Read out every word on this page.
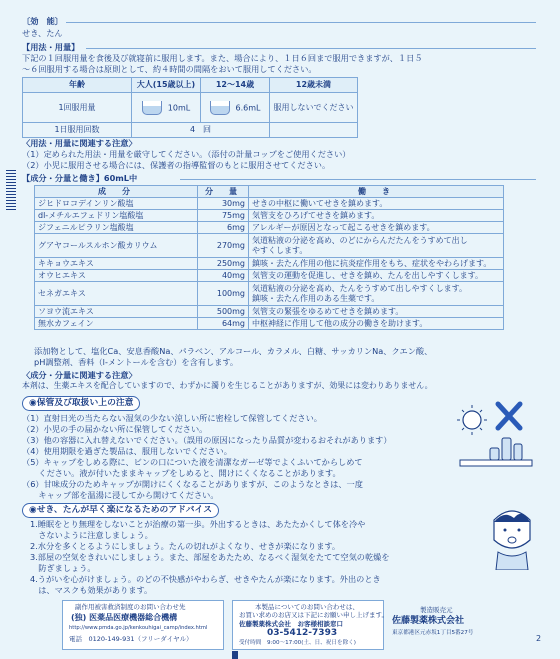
〔効　能〕
せき、たん
【用法・用量】
下記の１回服用量を食後及び就寝前に服用します。また、場合により、１日６回まで服用できますが、１日５
～６回服用する場合は原則として、約４時間の間隔をおいて服用してください。
年齢	大人(15歳以上)	12～14歳	12歳未満
1回服用量	10mL	6.6mL	服用しないでください
1日服用回数	4　回		
〈用法・用量に関連する注意〉
（1）定められた用法・用量を厳守してください。（添付の計量コップをご使用ください）
（2）小児に服用させる場合には、保護者の指導監督のもとに服用させてください。
【成分・分量と働き】60mL中
成　分	分　量	働　き
ジヒドロコデインリン酸塩	30mg	せきの中枢に働いてせきを鎮めます。
dl-メチルエフェドリン塩酸塩	75mg	気管支をひろげてせきを鎮めます。
ジフェニルピラリン塩酸塩	6mg	アレルギーが原因となって起こるせきを鎮めます。
グアヤコールスルホン酸カリウム	270mg	気道粘液の分泌を高め、のどにからんだたんをうすめて出し
やすくします。

キキョウエキス	250mg	鎮咳・去たん作用の他に抗炎症作用をもち、症状をやわらげます。
オウヒエキス	40mg	気管支の運動を促進し、せきを鎮め、たんを出しやすくします。
セネガエキス	100mg	気道粘液の分泌を高め、たんをうすめて出しやすくします。
鎮咳・去たん作用のある生薬です。

ソヨウ流エキス	500mg	気管支の緊張をゆるめてせきを鎮めます。
無水カフェイン	64mg	中枢神経に作用して他の成分の働きを助けます。
添加物として、塩化Ca、安息香酸Na、パラベン、アルコール、カラメル、白糖、サッカリンNa、クエン酸、
pH調整剤、香料（l-メントールを含む）を含有します。
〈成分・分量に関連する注意〉
本剤は、生薬エキスを配合していますので、わずかに濁りを生じることがありますが、効果には変わりありません。
◉保管及び取扱い上の注意
（1）直射日光の当たらない湿気の少ない涼しい所に密栓して保管してください。
（2）小児の手の届かない所に保管してください。
（3）他の容器に入れ替えないでください。（誤用の原因になったり品質が変わるおそれがあります）
（4）使用期限を過ぎた製品は、服用しないでください。
（5）キャップをしめる際に、ビンの口についた液を清潔なガーゼ等でよくふいてからしめて
　　ください。液が付いたままキャップをしめると、開けにくくなることがあります。
（6）甘味成分のためキャップが開けにくくなることがありますが、このようなときは、一度
　　キャップ部を温湯に浸してから開けてください。
◉せき、たんが早く楽になるためのアドバイス
1.睡眠をとり無理をしないことが治療の第一歩。外出するときは、あたたかくして体を冷や
　さないように注意しましょう。
2.水分を多くとるようにしましょう。たんの切れがよくなり、せきが楽になります。
3.部屋の空気をきれいにしましょう。また、部屋をあたため、なるべく湿気をたてて空気の乾燥を
　防ぎましょう。
4.うがいを心がけましょう。のどの不快感がやわらぎ、せきやたんが楽になります。外出のとき
　は、マスクも効果があります。
副作用被害救済制度のお問い合わせ先
(独) 医薬品医療機器総合機構
http://www.pmda.go.jp/kenkouhigai_camp/index.html
電話　0120-149-931（フリーダイヤル）
本製品についてのお問い合わせは、
お買い求めのお店又は下記にお願い申し上げます。
佐藤製薬株式会社　お客様相談窓口
03-5412-7393
受付時間　9:00～17:00(土、日、祝日を除く)
製造販売元
佐藤製薬株式会社
東京都港区元赤坂1丁目5番27号
2
